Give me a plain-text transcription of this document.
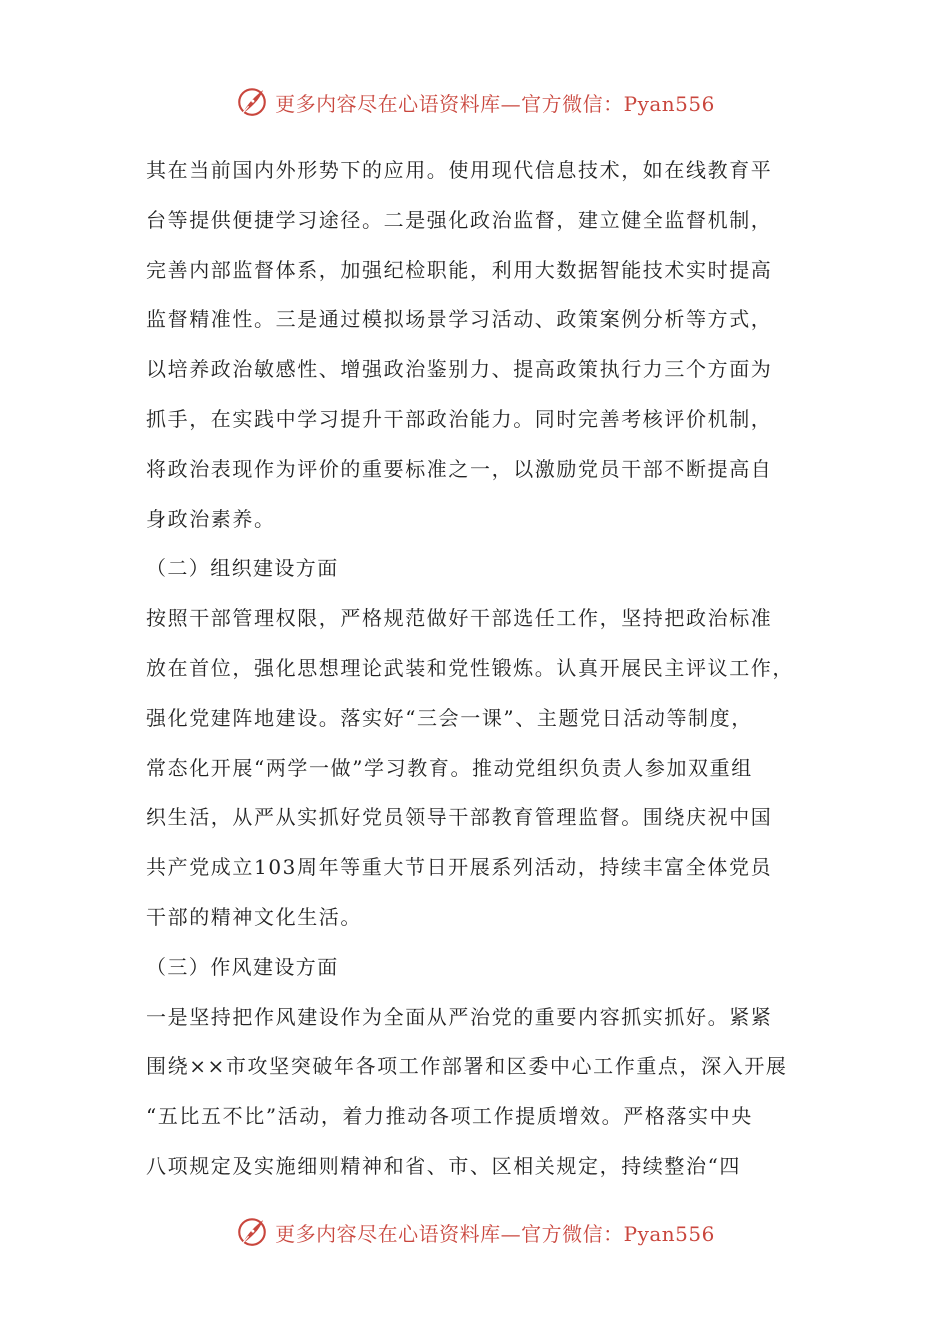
更多内容尽在心语资料库—官方微信：Pyan556
其在当前国内外形势下的应用。使用现代信息技术，如在线教育平
台等提供便捷学习途径。二是强化政治监督，建立健全监督机制，
完善内部监督体系，加强纪检职能，利用大数据智能技术实时提高
监督精准性。三是通过模拟场景学习活动、政策案例分析等方式，
以培养政治敏感性、增强政治鉴别力、提高政策执行力三个方面为
抓手，在实践中学习提升干部政治能力。同时完善考核评价机制，
将政治表现作为评价的重要标准之一，以激励党员干部不断提高自
身政治素养。
（二）组织建设方面
按照干部管理权限，严格规范做好干部选任工作，坚持把政治标准
放在首位，强化思想理论武装和党性锻炼。认真开展民主评议工作，
强化党建阵地建设。落实好“三会一课”、主题党日活动等制度，
常态化开展“两学一做”学习教育。推动党组织负责人参加双重组
织生活，从严从实抓好党员领导干部教育管理监督。围绕庆祝中国
共产党成立103周年等重大节日开展系列活动，持续丰富全体党员
干部的精神文化生活。
（三）作风建设方面
一是坚持把作风建设作为全面从严治党的重要内容抓实抓好。紧紧
围绕××市攻坚突破年各项工作部署和区委中心工作重点，深入开展
“五比五不比”活动，着力推动各项工作提质增效。严格落实中央
八项规定及实施细则精神和省、市、区相关规定，持续整治“四
更多内容尽在心语资料库—官方微信：Pyan556
